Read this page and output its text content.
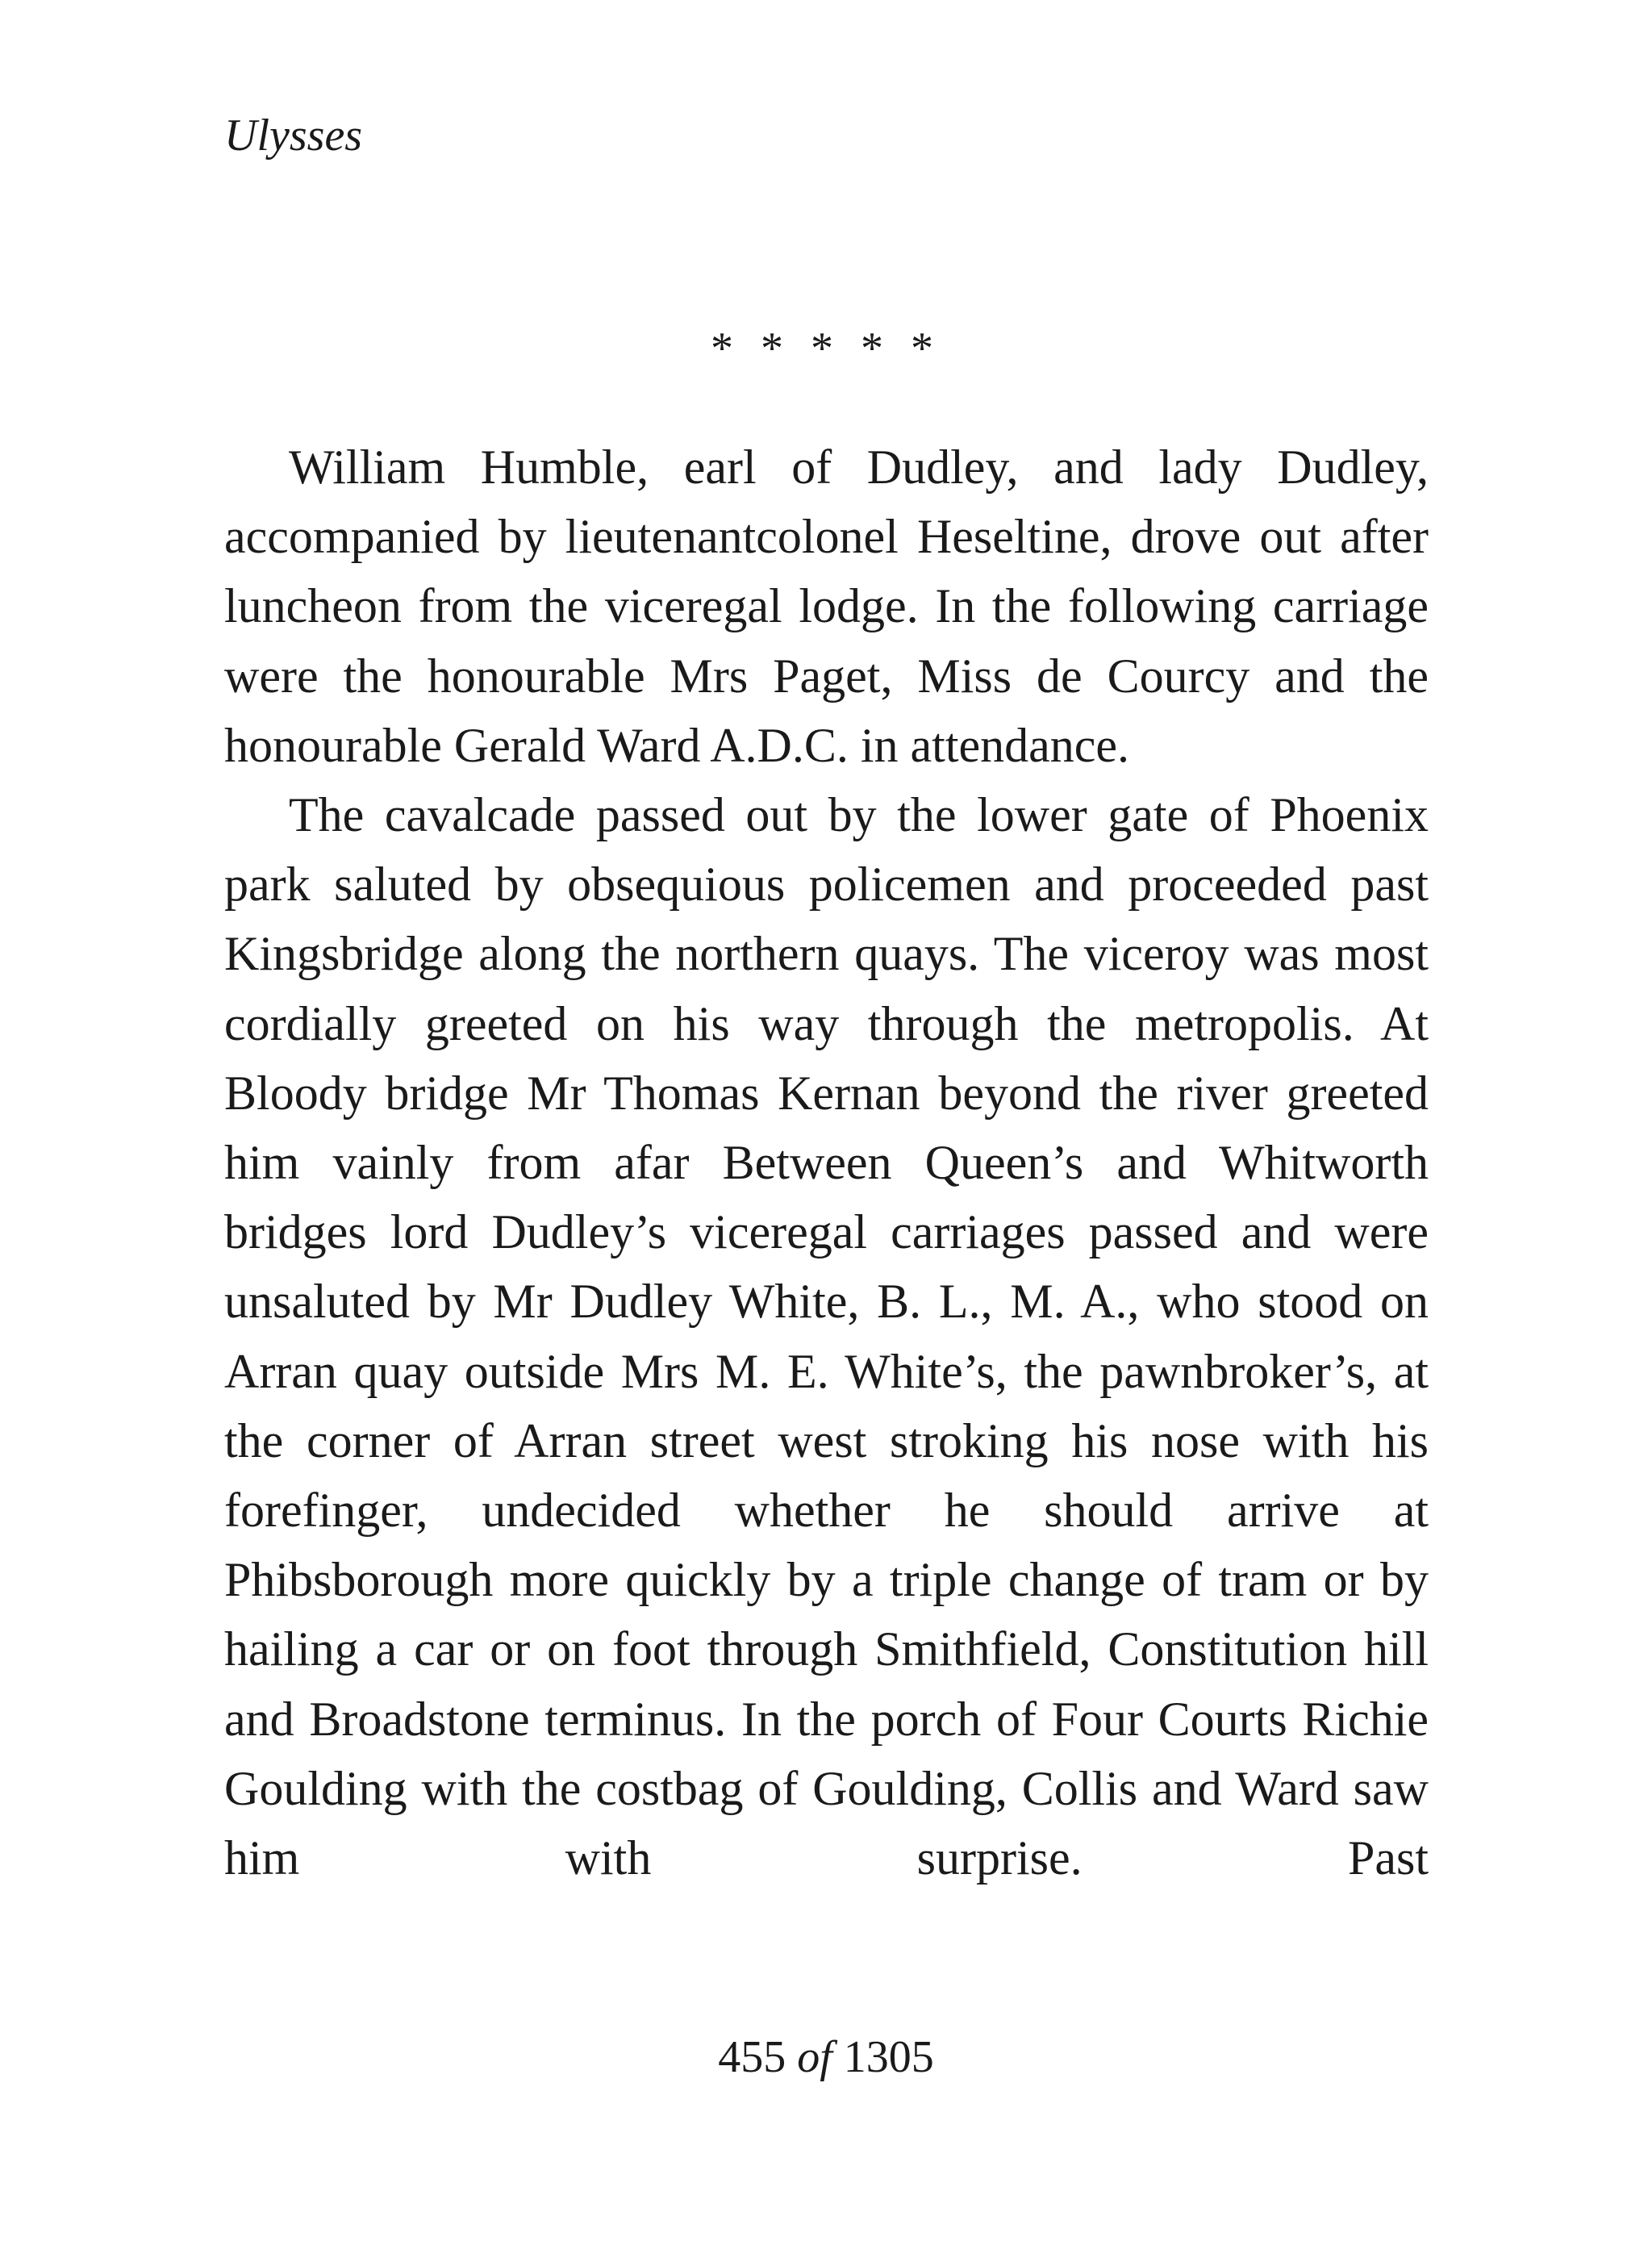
Ulysses

* * * * *

William Humble, earl of Dudley, and lady Dudley, accompanied by lieutenantcolonel Heseltine, drove out after luncheon from the viceregal lodge. In the following carriage were the honourable Mrs Paget, Miss de Courcy and the honourable Gerald Ward A.D.C. in attendance.

The cavalcade passed out by the lower gate of Phoenix park saluted by obsequious policemen and proceeded past Kingsbridge along the northern quays. The viceroy was most cordially greeted on his way through the metropolis. At Bloody bridge Mr Thomas Kernan beyond the river greeted him vainly from afar Between Queen’s and Whitworth bridges lord Dudley’s viceregal carriages passed and were unsaluted by Mr Dudley White, B. L., M. A., who stood on Arran quay outside Mrs M. E. White’s, the pawnbroker’s, at the corner of Arran street west stroking his nose with his forefinger, undecided whether he should arrive at Phibsborough more quickly by a triple change of tram or by hailing a car or on foot through Smithfield, Constitution hill and Broadstone terminus. In the porch of Four Courts Richie Goulding with the costbag of Goulding, Collis and Ward saw him with surprise. Past

455 of 1305
